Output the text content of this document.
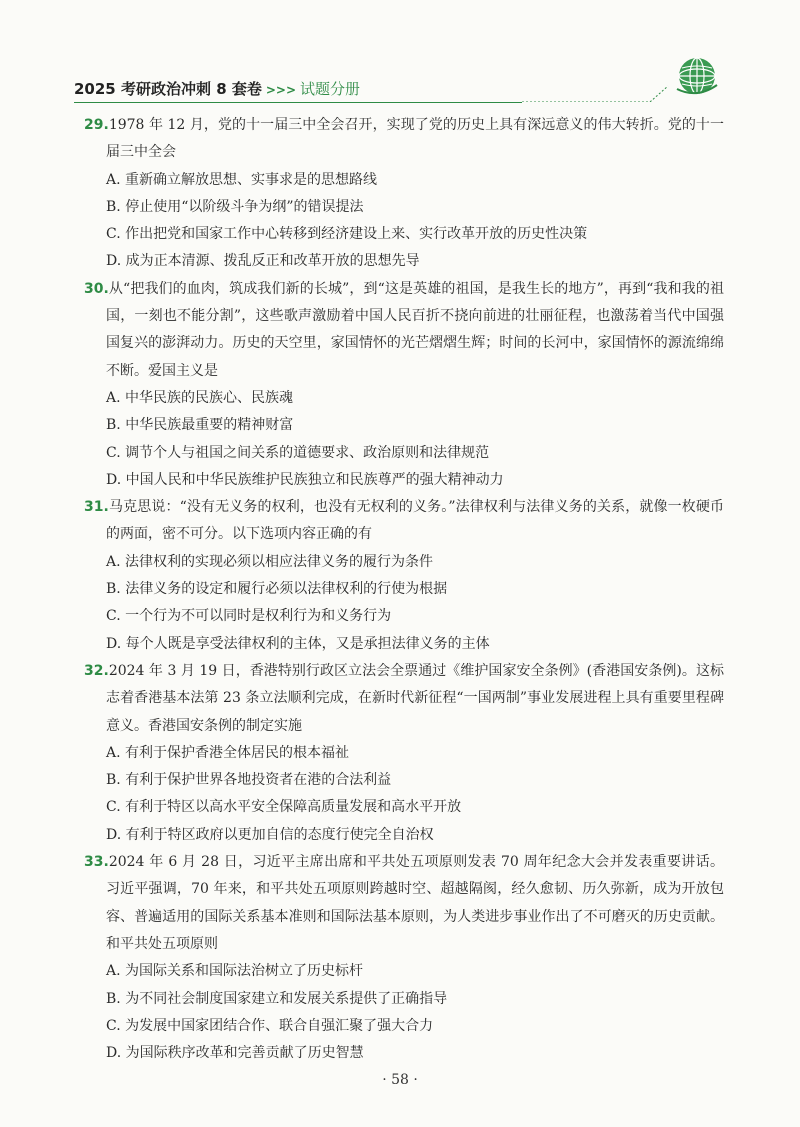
2025 考研政治冲刺 8 套卷 >>> 试题分册

29.1978 年 12 月，党的十一届三中全会召开，实现了党的历史上具有深远意义的伟大转折。党的十一届三中全会

A. 重新确立解放思想、实事求是的思想路线

B. 停止使用“以阶级斗争为纲”的错误提法

C. 作出把党和国家工作中心转移到经济建设上来、实行改革开放的历史性决策

D. 成为正本清源、拨乱反正和改革开放的思想先导

30.从“把我们的血肉，筑成我们新的长城”，到“这是英雄的祖国，是我生长的地方”，再到“我和我的祖国，一刻也不能分割”，这些歌声激励着中国人民百折不挠向前进的壮丽征程，也激荡着当代中国强国复兴的澎湃动力。历史的天空里，家国情怀的光芒熠熠生辉；时间的长河中，家国情怀的源流绵绵不断。爱国主义是

A. 中华民族的民族心、民族魂

B. 中华民族最重要的精神财富

C. 调节个人与祖国之间关系的道德要求、政治原则和法律规范

D. 中国人民和中华民族维护民族独立和民族尊严的强大精神动力

31.马克思说：“没有无义务的权利，也没有无权利的义务。”法律权利与法律义务的关系，就像一枚硬币的两面，密不可分。以下选项内容正确的有

A. 法律权利的实现必须以相应法律义务的履行为条件

B. 法律义务的设定和履行必须以法律权利的行使为根据

C. 一个行为不可以同时是权利行为和义务行为

D. 每个人既是享受法律权利的主体，又是承担法律义务的主体

32.2024 年 3 月 19 日，香港特别行政区立法会全票通过《维护国家安全条例》(香港国安条例)。这标志着香港基本法第 23 条立法顺利完成，在新时代新征程“一国两制”事业发展进程上具有重要里程碑意义。香港国安条例的制定实施

A. 有利于保护香港全体居民的根本福祉

B. 有利于保护世界各地投资者在港的合法利益

C. 有利于特区以高水平安全保障高质量发展和高水平开放

D. 有利于特区政府以更加自信的态度行使完全自治权

33.2024 年 6 月 28 日，习近平主席出席和平共处五项原则发表 70 周年纪念大会并发表重要讲话。习近平强调，70 年来，和平共处五项原则跨越时空、超越隔阂，经久愈韧、历久弥新，成为开放包容、普遍适用的国际关系基本准则和国际法基本原则，为人类进步事业作出了不可磨灭的历史贡献。和平共处五项原则

A. 为国际关系和国际法治树立了历史标杆

B. 为不同社会制度国家建立和发展关系提供了正确指导

C. 为发展中国家团结合作、联合自强汇聚了强大合力

D. 为国际秩序改革和完善贡献了历史智慧

· 58 ·
